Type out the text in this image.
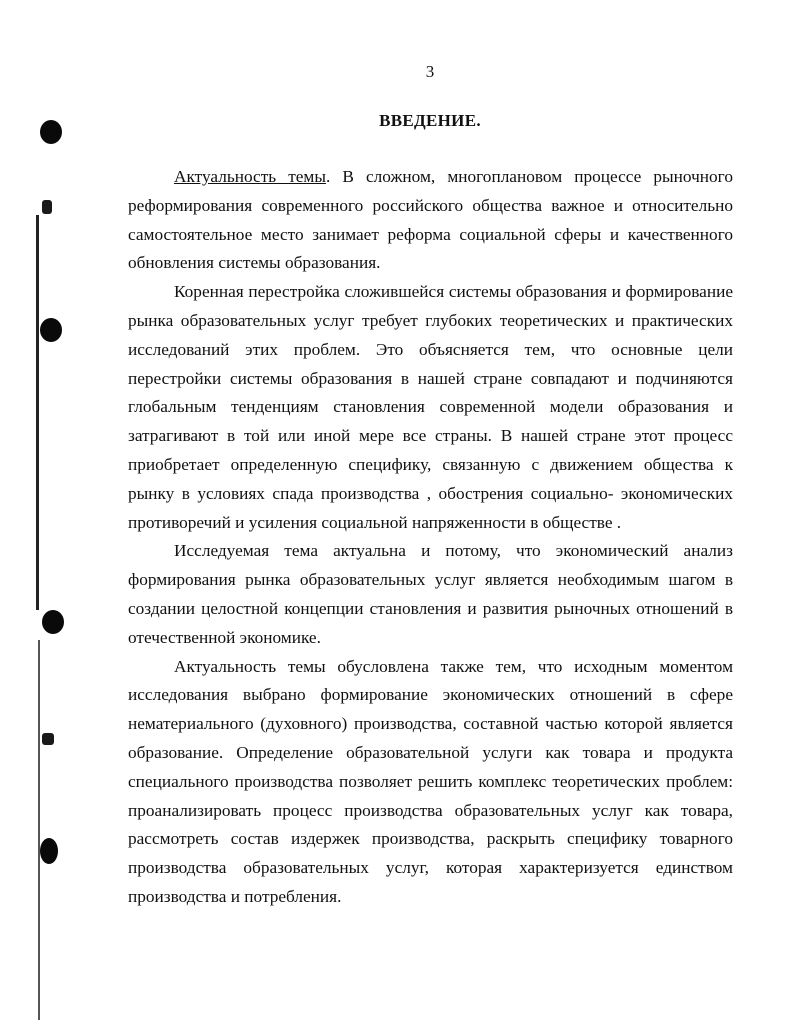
3
ВВЕДЕНИЕ.

Актуальность темы. В сложном, многоплановом процессе рыночного реформирования современного российского общества важное и относительно самостоятельное место занимает реформа социальной сферы и качественного обновления системы образования.

Коренная перестройка сложившейся системы образования и формирование рынка образовательных услуг требует глубоких теоретических и практических исследований этих проблем. Это объясняется тем, что основные цели перестройки системы образования в нашей стране совпадают и подчиняются глобальным тенденциям становления современной модели образования и затрагивают в той или иной мере все страны. В нашей стране этот процесс приобретает определенную специфику, связанную с движением общества к рынку в условиях спада производства , обострения социально- экономических противоречий и усиления социальной напряженности в обществе .

Исследуемая тема актуальна и потому, что экономический анализ формирования рынка образовательных услуг является необходимым шагом в создании целостной концепции становления и развития рыночных отношений в отечественной экономике.

Актуальность темы обусловлена также тем, что исходным моментом исследования выбрано формирование экономических отношений в сфере нематериального (духовного) производства, составной частью которой является образование. Определение образовательной услуги как товара и продукта специального производства позволяет решить комплекс теоретических проблем: проанализировать процесс производства образовательных услуг как товара, рассмотреть состав издержек производства, раскрыть специфику товарного производства образовательных услуг, которая характеризуется единством производства и потребления.
